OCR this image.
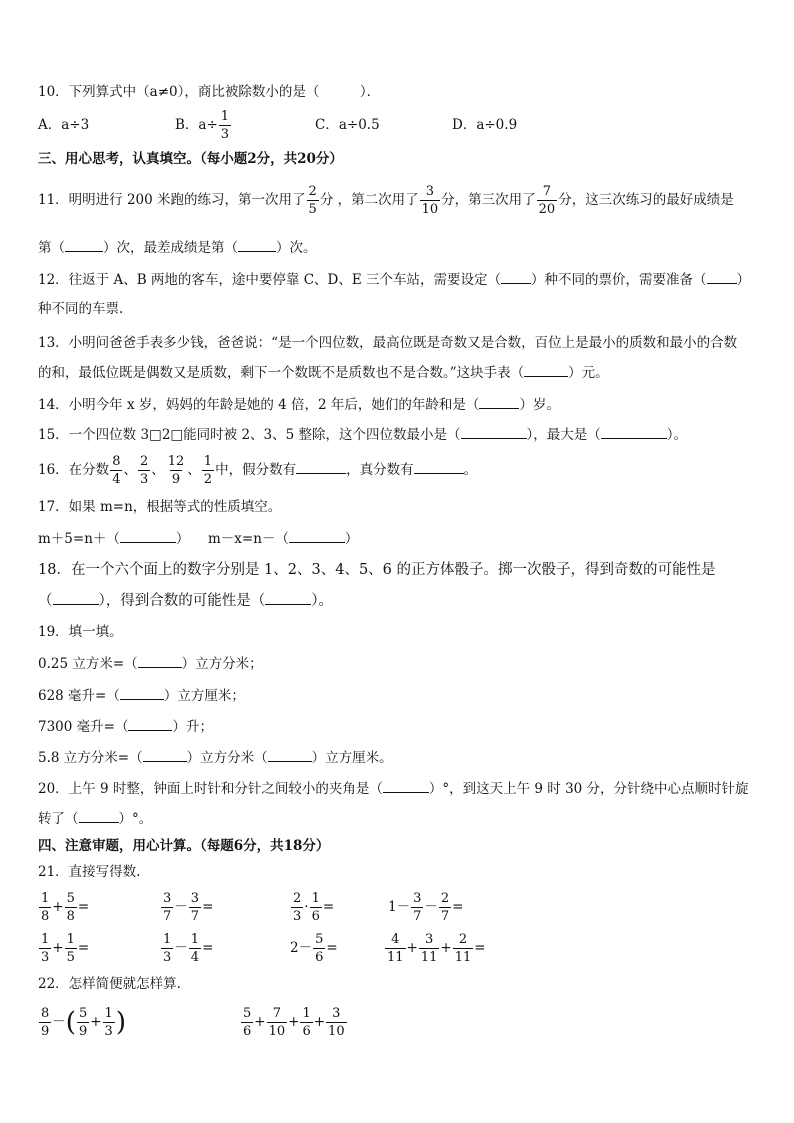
10．下列算式中（a≠0），商比被除数小的是（　　　）．
A．a÷3	B．$a\div \frac{1}{3}$	C．a÷0.5	D．a÷0.9
三、用心思考，认真填空。（每小题2分，共20分）
11．明明进行 200 米跑的练习，第一次用了 $\frac{2}{5}$ 分 ，第二次用了 $\frac{3}{10}$ 分，第三次用了 $\frac{7}{20}$ 分，这三次练习的最好成绩是
第（	）次，最差成绩是第（	）次。
12．往返于 A、B 两地的客车，途中要停靠 C、D、E 三个车站，需要设定（ ）种不同的票价，需要准备（ ）
种不同的车票.
13．小明问爸爸手表多少钱，爸爸说：“是一个四位数，最高位既是奇数又是合数，百位上是最小的质数和最小的合数
的和，最低位既是偶数又是质数，剩下一个数既不是质数也不是合数。”这块手表（	）元。
14．小明今年 x 岁，妈妈的年龄是她的 4 倍，2 年后，她们的年龄和是（	）岁。
15．一个四位数 3□2□能同时被 2、3、5 整除，这个四位数最小是（	），最大是（	）。
16．在分数 $\frac{8}{4}$ 、 $\frac{2}{3}$ 、 $\frac{12}{9}$ 、 $\frac{1}{2}$ 中，假分数有	，真分数有	。
17．如果 m=n，根据等式的性质填空。
m＋5=n＋（	） m－x=n－（	）
18．在一个六个面上的数字分别是 1、2、3、4、5、6 的正方体骰子。掷一次骰子，得到奇数的可能性是
（	），得到合数的可能性是（	）。
19．填一填。
0.25 立方米=（	）立方分米；
628 毫升=（	）立方厘米；
7300 毫升=（	）升；
5.8 立方分米=（	）立方分米（	）立方厘米。
20．上午 9 时整，钟面上时针和分针之间较小的夹角是（	）°，到这天上午 9 时 30 分，分针绕中心点顺时针旋
转了（	）°。
四、注意审题，用心计算。（每题6分，共18分）
21．直接写得数.
$\frac{1}{8} + \frac{5}{8}$ =	$\frac{3}{7} - \frac{3}{7}$ =	$\frac{2}{3} \cdot \frac{1}{6}$ =	$1- \frac{3}{7} - \frac{2}{7}$ =
$\frac{1}{3} + \frac{1}{5}$ =	$\frac{1}{3} - \frac{1}{4}$ =	$2- \frac{5}{6}$ =	$\frac{4}{11} + \frac{3}{11} + \frac{2}{11}$ =
22．怎样简便就怎样算.
$\frac{8}{9}$ －( $\frac{5}{9} + \frac{1}{3}$ )	$\frac{5}{6} + \frac{7}{10} + \frac{1}{6} + \frac{3}{10}$
